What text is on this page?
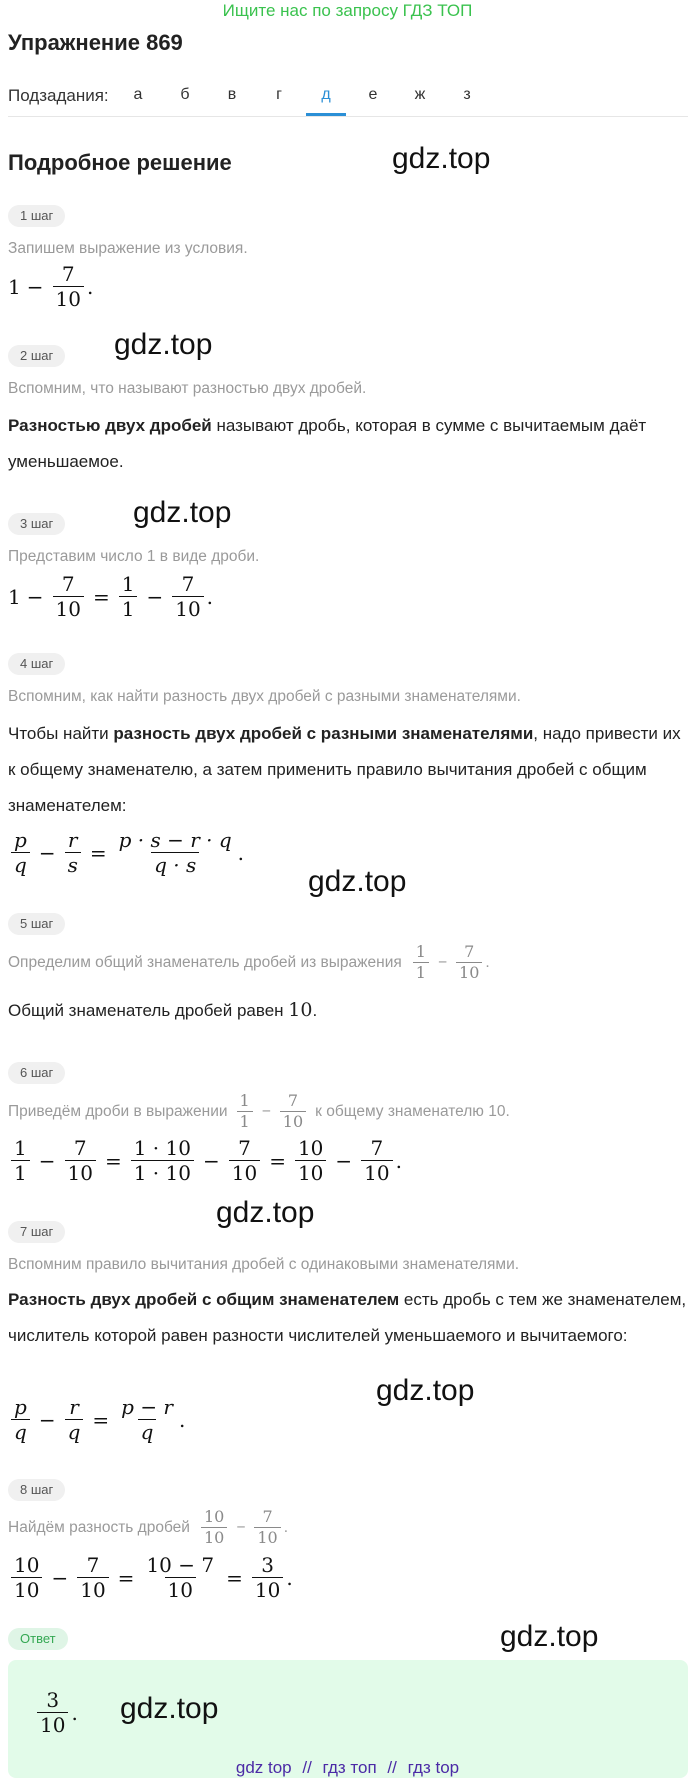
Ищите нас по запросу ГДЗ ТОП
Упражнение 869
Подзадания:	а	б	в	г	д	е	ж	з
Подробное решение	gdz.top
1 шаг
Запишем выражение из условия.
$1 - \frac{7}{10}$ .
2 шаг	gdz.top
Вспомним, что называют разностью двух дробей.
Разностью двух дробей называют дробь, которая в сумме с вычитаемым даёт уменьшаемое.
3 шаг	gdz.top
Представим число 1 в виде дроби.
$1 - \frac{7}{10} = \frac{1}{1} - \frac{7}{10}$ .
4 шаг
Вспомним, как найти разность двух дробей с разными знаменателями.
Чтобы найти разность двух дробей с разными знаменателями, надо привести их к общему знаменателю, а затем применить правило вычитания дробей с общим знаменателем:
$\frac{p}{q} - \frac{r}{s} = \frac{p \cdot s - r \cdot q}{q \cdot s}$ .
gdz.top
5 шаг
Определим общий знаменатель дробей из выражения $\frac{1}{1} - \frac{7}{10}$ .
Общий знаменатель дробей равен 10.
6 шаг
Приведём дроби в выражении $\frac{1}{1} - \frac{7}{10}$ к общему знаменателю 10.
$\frac{1}{1} - \frac{7}{10} = \frac{1 \cdot 10}{1 \cdot 10} - \frac{7}{10} = \frac{10}{10} - \frac{7}{10}$ .
gdz.top
7 шаг
Вспомним правило вычитания дробей с одинаковыми знаменателями.
Разность двух дробей с общим знаменателем есть дробь с тем же знаменателем, числитель которой равен разности числителей уменьшаемого и вычитаемого:
gdz.top
$\frac{p}{q} - \frac{r}{q} = \frac{p - r}{q}$ .
8 шаг
Найдём разность дробей $\frac{10}{10} - \frac{7}{10}$ .
$\frac{10}{10} - \frac{7}{10} = \frac{10 - 7}{10} = \frac{3}{10}$ .
Ответ	gdz.top
$\frac{3}{10}$ . gdz.top
gdz top // гдз топ // гдз top
